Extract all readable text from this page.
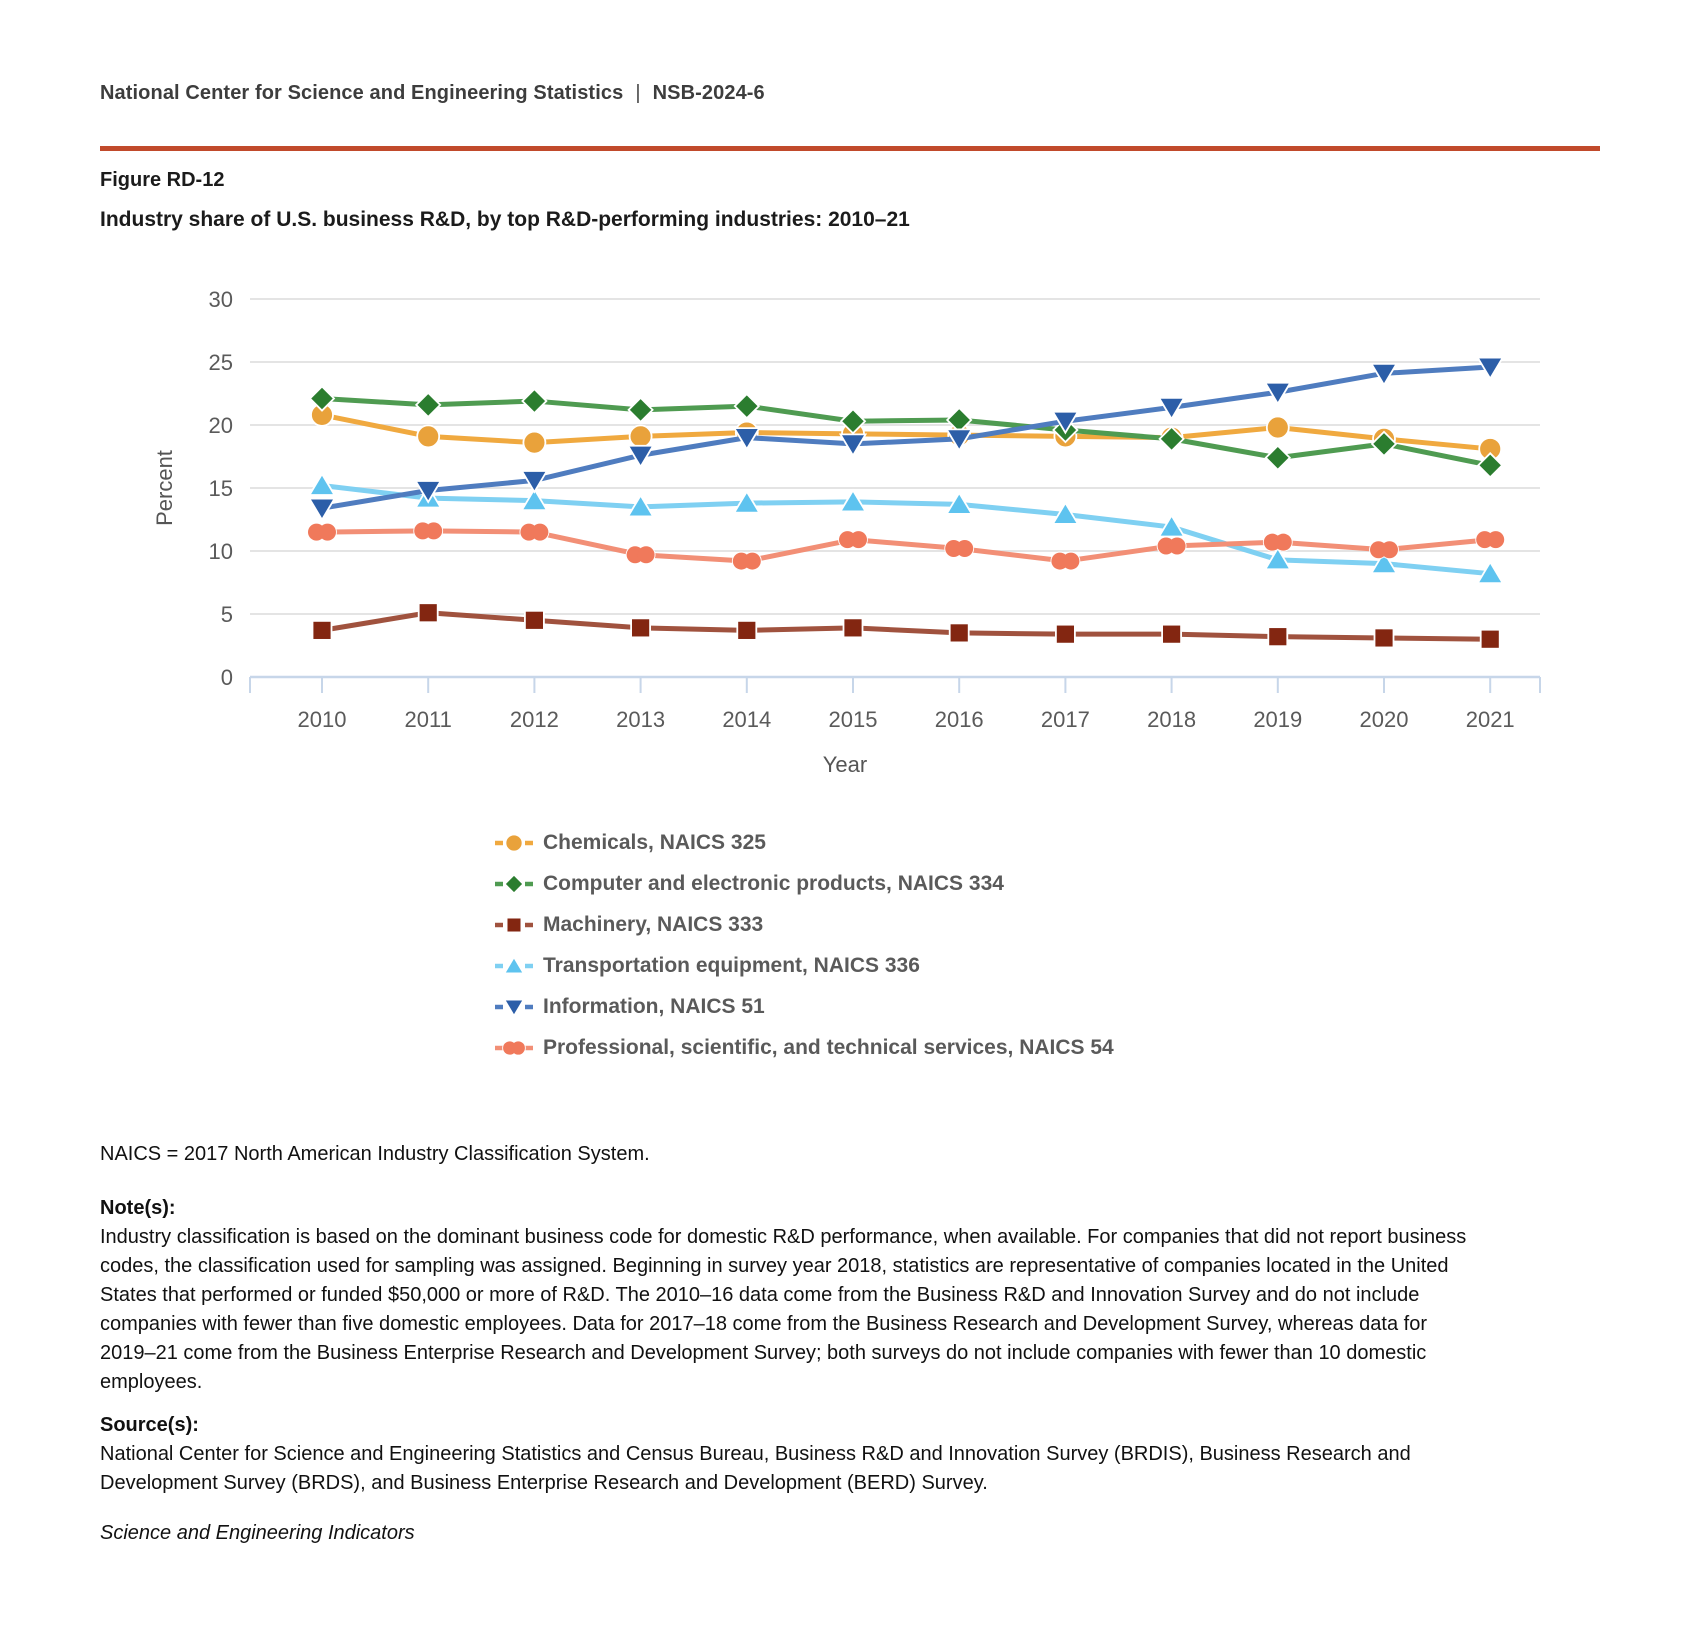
National Center for Science and Engineering Statistics | NSB-2024-6
Figure RD-12
Industry share of U.S. business R&D, by top R&D-performing industries: 2010–21
0
5
10
15
20
25
30
2010	2011	2012	2013	2014	2015	2016	2017	2018	2019	2020	2021
Year
Percent
Chemicals, NAICS 325
Computer and electronic products, NAICS 334
Machinery, NAICS 333
Transportation equipment, NAICS 336
Information, NAICS 51
Professional, scientific, and technical services, NAICS 54
NAICS = 2017 North American Industry Classification System.
Note(s):
Industry classification is based on the dominant business code for domestic R&D performance, when available. For companies that did not report business codes, the classification used for sampling was assigned. Beginning in survey year 2018, statistics are representative of companies located in the United States that performed or funded $50,000 or more of R&D. The 2010–16 data come from the Business R&D and Innovation Survey and do not include companies with fewer than five domestic employees. Data for 2017–18 come from the Business Research and Development Survey, whereas data for 2019–21 come from the Business Enterprise Research and Development Survey; both surveys do not include companies with fewer than 10 domestic employees.
Source(s):
National Center for Science and Engineering Statistics and Census Bureau, Business R&D and Innovation Survey (BRDIS), Business Research and Development Survey (BRDS), and Business Enterprise Research and Development (BERD) Survey.
Science and Engineering Indicators
